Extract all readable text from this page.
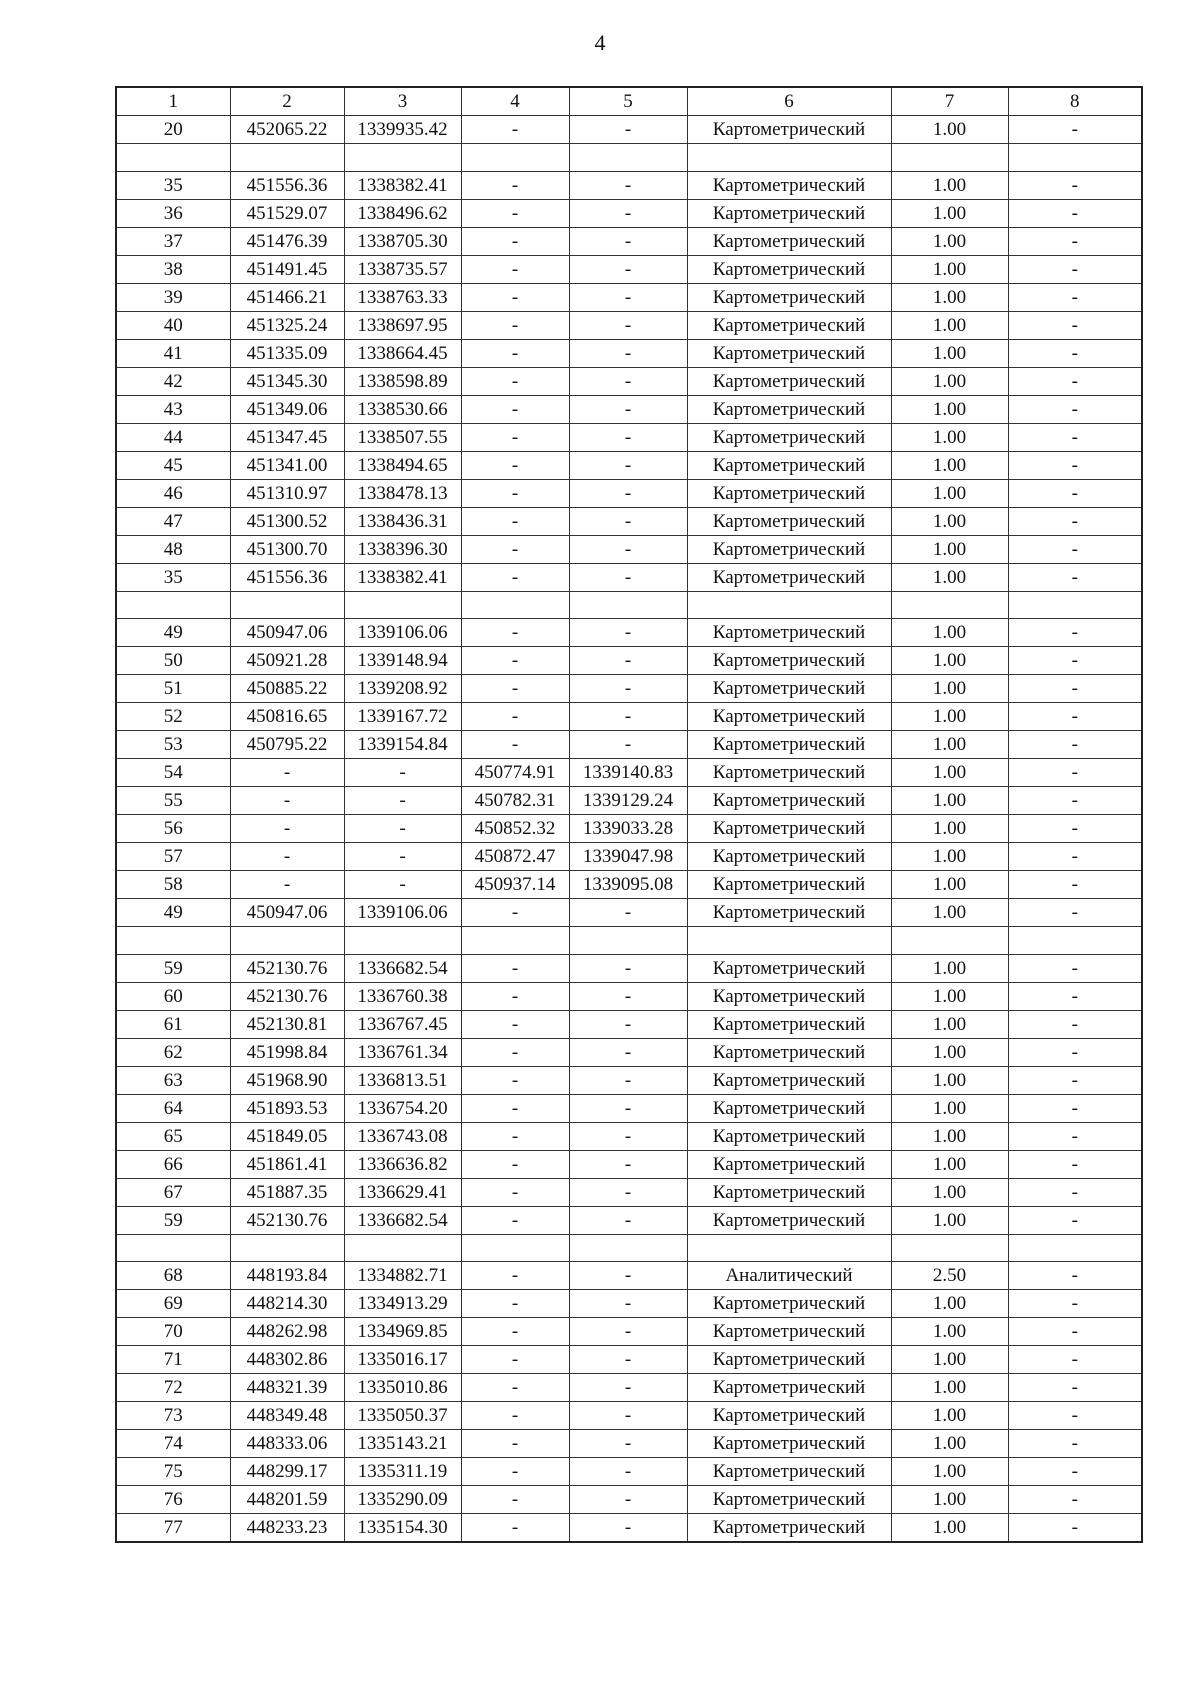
4
1	2	3	4	5	6	7	8
20	452065.22	1339935.42	-	-	Картометрический	1.00	-

35	451556.36	1338382.41	-	-	Картометрический	1.00	-
36	451529.07	1338496.62	-	-	Картометрический	1.00	-
37	451476.39	1338705.30	-	-	Картометрический	1.00	-
38	451491.45	1338735.57	-	-	Картометрический	1.00	-
39	451466.21	1338763.33	-	-	Картометрический	1.00	-
40	451325.24	1338697.95	-	-	Картометрический	1.00	-
41	451335.09	1338664.45	-	-	Картометрический	1.00	-
42	451345.30	1338598.89	-	-	Картометрический	1.00	-
43	451349.06	1338530.66	-	-	Картометрический	1.00	-
44	451347.45	1338507.55	-	-	Картометрический	1.00	-
45	451341.00	1338494.65	-	-	Картометрический	1.00	-
46	451310.97	1338478.13	-	-	Картометрический	1.00	-
47	451300.52	1338436.31	-	-	Картометрический	1.00	-
48	451300.70	1338396.30	-	-	Картометрический	1.00	-
35	451556.36	1338382.41	-	-	Картометрический	1.00	-

49	450947.06	1339106.06	-	-	Картометрический	1.00	-
50	450921.28	1339148.94	-	-	Картометрический	1.00	-
51	450885.22	1339208.92	-	-	Картометрический	1.00	-
52	450816.65	1339167.72	-	-	Картометрический	1.00	-
53	450795.22	1339154.84	-	-	Картометрический	1.00	-
54	-	-	450774.91	1339140.83	Картометрический	1.00	-
55	-	-	450782.31	1339129.24	Картометрический	1.00	-
56	-	-	450852.32	1339033.28	Картометрический	1.00	-
57	-	-	450872.47	1339047.98	Картометрический	1.00	-
58	-	-	450937.14	1339095.08	Картометрический	1.00	-
49	450947.06	1339106.06	-	-	Картометрический	1.00	-

59	452130.76	1336682.54	-	-	Картометрический	1.00	-
60	452130.76	1336760.38	-	-	Картометрический	1.00	-
61	452130.81	1336767.45	-	-	Картометрический	1.00	-
62	451998.84	1336761.34	-	-	Картометрический	1.00	-
63	451968.90	1336813.51	-	-	Картометрический	1.00	-
64	451893.53	1336754.20	-	-	Картометрический	1.00	-
65	451849.05	1336743.08	-	-	Картометрический	1.00	-
66	451861.41	1336636.82	-	-	Картометрический	1.00	-
67	451887.35	1336629.41	-	-	Картометрический	1.00	-
59	452130.76	1336682.54	-	-	Картометрический	1.00	-

68	448193.84	1334882.71	-	-	Аналитический	2.50	-
69	448214.30	1334913.29	-	-	Картометрический	1.00	-
70	448262.98	1334969.85	-	-	Картометрический	1.00	-
71	448302.86	1335016.17	-	-	Картометрический	1.00	-
72	448321.39	1335010.86	-	-	Картометрический	1.00	-
73	448349.48	1335050.37	-	-	Картометрический	1.00	-
74	448333.06	1335143.21	-	-	Картометрический	1.00	-
75	448299.17	1335311.19	-	-	Картометрический	1.00	-
76	448201.59	1335290.09	-	-	Картометрический	1.00	-
77	448233.23	1335154.30	-	-	Картометрический	1.00	-
